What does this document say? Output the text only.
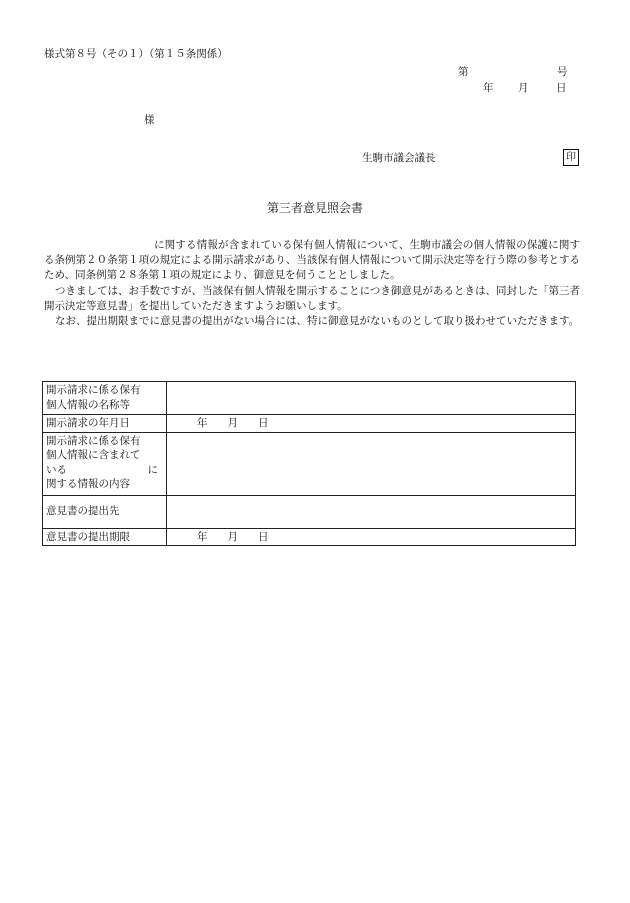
様式第８号（その１）（第１５条関係）
第	号
年 月	日
様
生駒市議会議長	印
第三者意見照会書

に関する情報が含まれている保有個人情報について、生駒市議会の個人情報の保護に関する条例第２０条第１項の規定による開示請求があり、当該保有個人情報について開示決定等を行う際の参考とするため、同条例第２８条第１項の規定により、御意見を伺うこととしました。

つきましては、お手数ですが、当該保有個人情報を開示することにつき御意見があるときは、同封した「第三者開示決定等意見書」を提出していただきますようお願いします。

なお、提出期限までに意見書の提出がない場合には、特に御意見がないものとして取り扱わせていただきます。

開示請求に係る保有
個人情報の名称等	

開示請求の年月日	年 月 日

開示請求に係る保有
個人情報に含まれて
いる に
関する情報の内容	

意見書の提出先	
意見書の提出期限	年 月 日
